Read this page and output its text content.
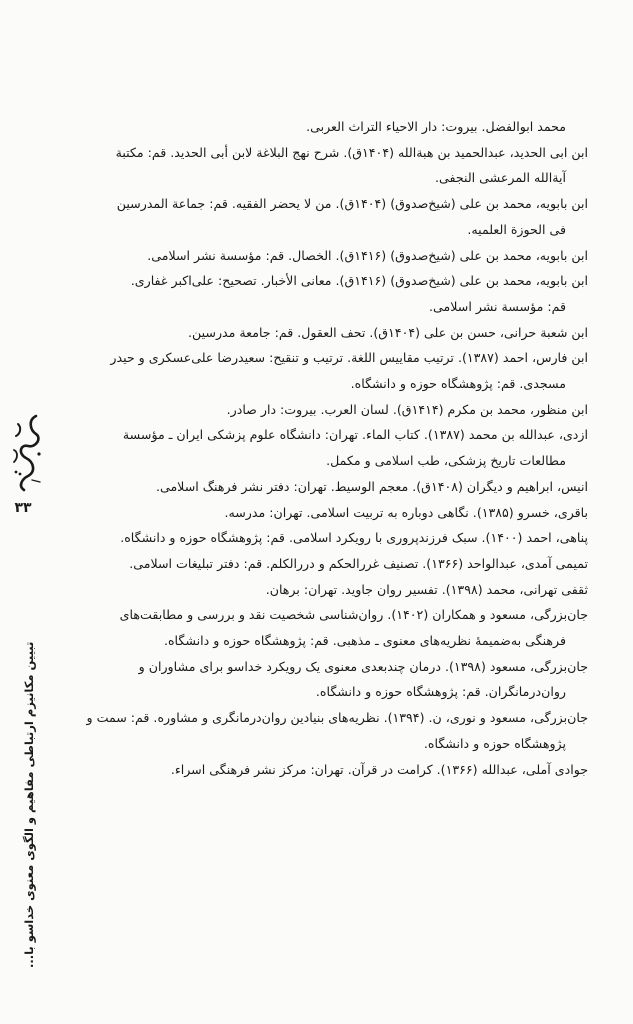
محمد ابوالفضل. بیروت: دار الاحیاء التراث العربی.
ابن ابی الحدید، عبدالحمید بن هبةالله (۱۴۰۴ق). شرح نهج البلاغة لابن أبی الحدید. قم: مکتبة
آیة‌الله المرعشی النجفی.
ابن بابویه، محمد بن علی (شیخ‌صدوق) (۱۴۰۴ق). من لا یحضر الفقیه. قم: جماعة المدرسین
فی الحوزة العلمیه.
ابن بابویه، محمد بن علی (شیخ‌صدوق) (۱۴۱۶ق). الخصال. قم: مؤسسة نشر اسلامی.
ابن بابویه، محمد بن علی (شیخ‌صدوق) (۱۴۱۶ق). معانی الأخبار. تصحیح: علی‌اکبر غفاری.
قم: مؤسسة نشر اسلامی.
ابن شعبة حرانی، حسن بن علی (۱۴۰۴ق). تحف العقول. قم: جامعة مدرسین.
ابن فارس، احمد (۱۳۸۷). ترتیب مقاییس اللغة. ترتیب و تنقیح: سعیدرضا علی‌عسکری و حیدر
مسجدی. قم: پژوهشگاه حوزه و دانشگاه.
ابن منظور، محمد بن مکرم (۱۴۱۴ق). لسان العرب. بیروت: دار صادر.
ازدی، عبدالله بن محمد (۱۳۸۷). کتاب الماء. تهران: دانشگاه علوم پزشکی ایران ـ مؤسسة
مطالعات تاریخ پزشکی، طب اسلامی و مکمل.
انیس، ابراهیم و دیگران (۱۴۰۸ق). معجم الوسیط. تهران: دفتر نشر فرهنگ اسلامی.
باقری، خسرو (۱۳۸۵). نگاهی دوباره به تربیت اسلامی. تهران: مدرسه.
پناهی، احمد (۱۴۰۰). سبک فرزندپروری با رویکرد اسلامی. قم: پژوهشگاه حوزه و دانشگاه.
تمیمی آمدی، عبدالواحد (۱۳۶۶). تصنیف غررالحکم و دررالکلم. قم: دفتر تبلیغات اسلامی.
ثقفی تهرانی، محمد (۱۳۹۸). تفسیر روان جاوید. تهران: برهان.
جان‌بزرگی، مسعود و همکاران (۱۴۰۲). روان‌شناسی شخصیت نقد و بررسی و مطابقت‌های
فرهنگی به‌ضمیمهٔ نظریه‌های معنوی ـ مذهبی. قم: پژوهشگاه حوزه و دانشگاه.
جان‌بزرگی، مسعود (۱۳۹۸). درمان چندبعدی معنوی یک رویکرد خداسو برای مشاوران و
روان‌درمانگران. قم: پژوهشگاه حوزه و دانشگاه.
جان‌بزرگی، مسعود و نوری، ن. (۱۳۹۴). نظریه‌های بنیادین روان‌درمانگری و مشاوره. قم: سمت و
پژوهشگاه حوزه و دانشگاه.
جوادی آملی، عبدالله (۱۳۶۶). کرامت در قرآن. تهران: مرکز نشر فرهنگی اسراء.
۳۳
تبیین مکانیزم ارتباطی مفاهیم و الگوی معنوی خداسو با...
